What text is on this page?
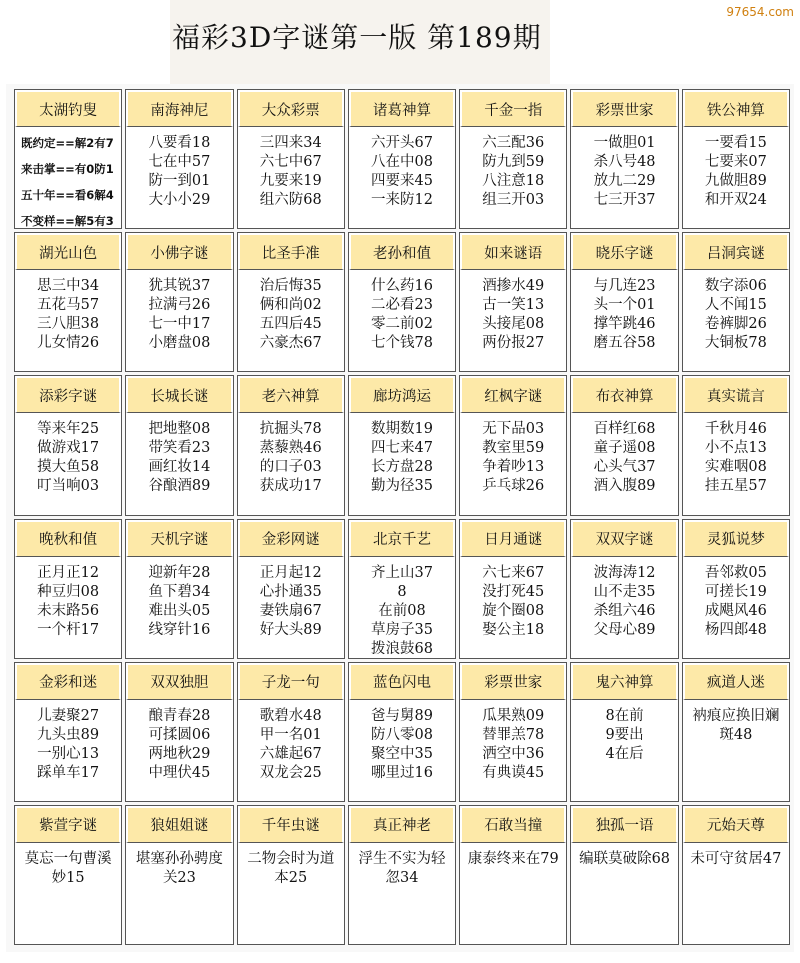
福彩3D字谜第一版 第189期
97654.com
太湖钓叟
既约定==解2有7
来击掌==有0防1
五十年==看6解4
不变样==解5有3
南海神尼
八要看18
七在中57
防一到01
大小小29
大众彩票
三四来34
六七中67
九要来19
组六防68
诸葛神算
六开头67
八在中08
四要来45
一来防12
千金一指
六三配36
防九到59
八注意18
组三开03
彩票世家
一做胆01
杀八号48
放九二29
七三开37
铁公神算
一要看15
七要来07
九做胆89
和开双24
湖光山色
思三中34
五花马57
三八胆38
儿女情26
小佛字谜
犹其锐37
拉满弓26
七一中17
小磨盘08
比圣手准
治后悔35
俩和尚02
五四后45
六豪杰67
老孙和值
什么药16
二必看23
零二前02
七个钱78
如来谜语
酒掺水49
古一笑13
头接尾08
两份报27
晓乐字谜
与几连23
头一个01
撑竿跳46
磨五谷58
吕洞宾谜
数字添06
人不闻15
卷裤脚26
大铜板78
添彩字谜
等来年25
做游戏17
摸大鱼58
叮当响03
长城长谜
把地整08
带笑看23
画红妆14
谷酿酒89
老六神算
抗掘头78
蒸藜熟46
的口子03
获成功17
廊坊鸿运
数期数19
四七来47
长方盘28
勤为径35
红枫字谜
无下品03
教室里59
争着吵13
乒乓球26
布衣神算
百样红68
童子遥08
心头气37
酒入腹89
真实谎言
千秋月46
小不点13
实难咽08
挂五星57
晚秋和值
正月正12
种豆归08
未末路56
一个杆17
天机字谜
迎新年28
鱼下碧34
难出头05
线穿针16
金彩网谜
正月起12
心扑通35
妻铁扇67
好大头89
北京千艺
齐上山37
8
在前08
草房子35
拨浪鼓68
日月通谜
六七来67
没打死45
旋个圈08
娶公主18
双双字谜
波海涛12
山不走35
杀组六46
父母心89
灵狐说梦
吾邻救05
可搓长19
成飓风46
杨四郎48
金彩和迷
儿妻聚27
九头虫89
一别心13
踩单车17
双双独胆
酿青春28
可揉圆06
两地秋29
中理伏45
子龙一句
歌碧水48
甲一名01
六雄起67
双龙会25
蓝色闪电
爸与舅89
防八零08
聚空中35
哪里过16
彩票世家
瓜果熟09
替罪羔78
洒空中36
有典谟45
鬼六神算
8在前
9要出
4在后
疯道人迷
衲痕应换旧斓斑48
紫萱字谜
莫忘一句曹溪妙15
狼姐姐谜
堪塞孙孙骋度关23
千年虫谜
二物会时为道本25
真正神老
浮生不实为轻忽34
石敢当撞
康泰终来在79
独孤一语
编联莫破除68
元始天尊
未可守贫居47
